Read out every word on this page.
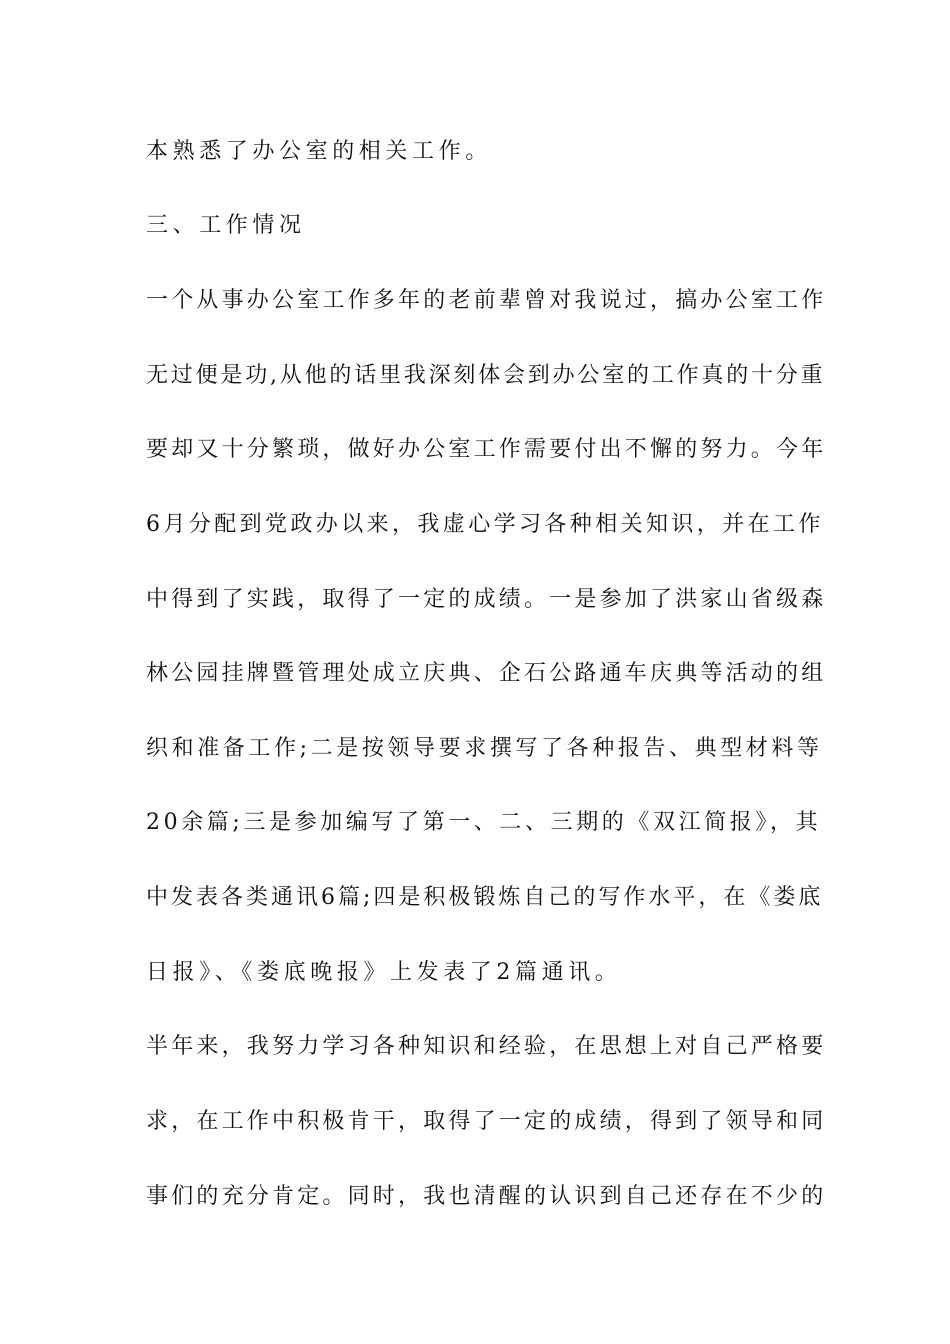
本熟悉了办公室的相关工作。
三、工作情况
一个从事办公室工作多年的老前辈曾对我说过，搞办公室工作
无过便是功,从他的话里我深刻体会到办公室的工作真的十分重
要却又十分繁琐，做好办公室工作需要付出不懈的努力。今年
6月分配到党政办以来，我虚心学习各种相关知识，并在工作
中得到了实践，取得了一定的成绩。一是参加了洪家山省级森
林公园挂牌暨管理处成立庆典、企石公路通车庆典等活动的组
织和准备工作;二是按领导要求撰写了各种报告、典型材料等
20余篇;三是参加编写了第一、二、三期的《双江简报》，其
中发表各类通讯6篇;四是积极锻炼自己的写作水平，在《娄底
日报》、《娄底晚报》上发表了2篇通讯。
半年来，我努力学习各种知识和经验，在思想上对自己严格要
求，在工作中积极肯干，取得了一定的成绩，得到了领导和同
事们的充分肯定。同时，我也清醒的认识到自己还存在不少的
